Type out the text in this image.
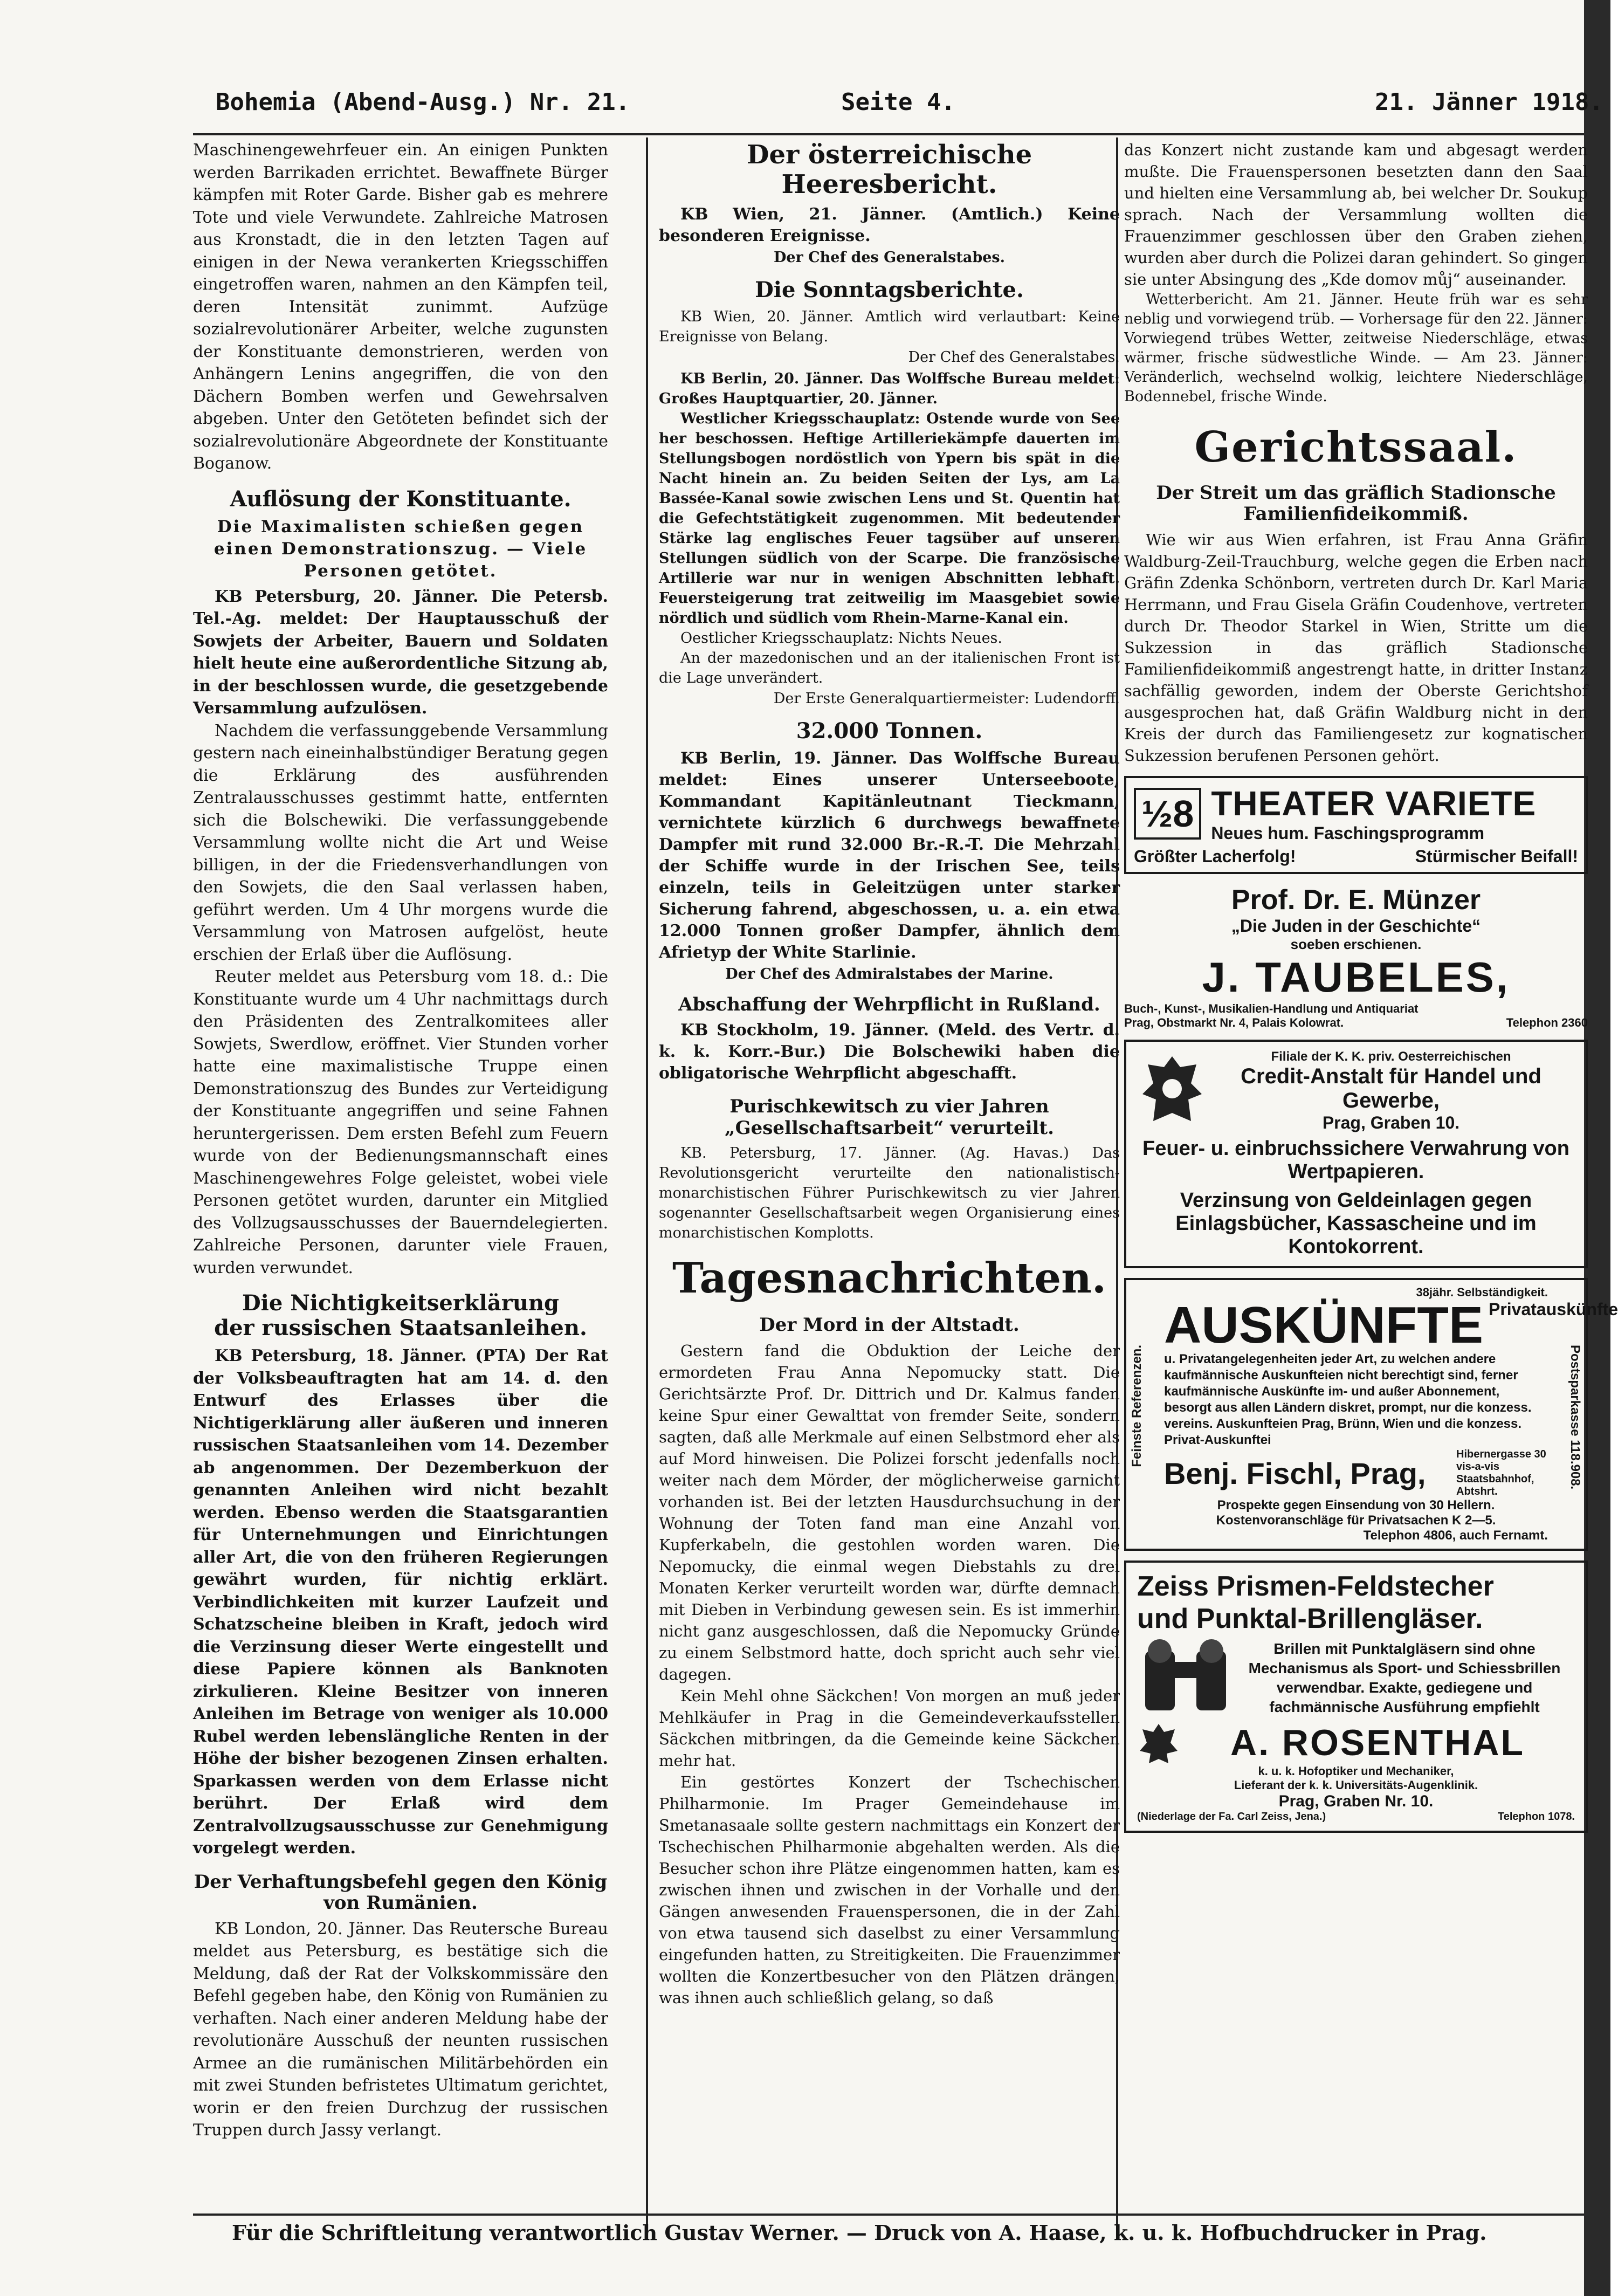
Bohemia (Abend-Ausg.) Nr. 21.	Seite 4.	21. Jänner 1918.

Maschinengewehrfeuer ein. An einigen Punkten werden Barrikaden errichtet. Bewaffnete Bürger kämpfen mit Roter Garde. Bisher gab es mehrere Tote und viele Verwundete. Zahlreiche Matrosen aus Kronstadt, die in den letzten Tagen auf einigen in der Newa verankerten Kriegsschiffen eingetroffen waren, nahmen an den Kämpfen teil, deren Intensität zunimmt. Aufzüge sozialrevolutionärer Arbeiter, welche zugunsten der Konstituante demonstrieren, werden von Anhängern Lenins angegriffen, die von den Dächern Bomben werfen und Gewehrsalven abgeben. Unter den Getöteten befindet sich der sozialrevolutionäre Abgeordnete der Konstituante Boganow.

Auflösung der Konstituante.
Die Maximalisten schießen gegen einen Demonstrationszug. — Viele Personen getötet.

KB Petersburg, 20. Jänner. Die Petersb. Tel.-Ag. meldet: Der Hauptausschuß der Sowjets der Arbeiter, Bauern und Soldaten hielt heute eine außerordentliche Sitzung ab, in der beschlossen wurde, die gesetzgebende Versammlung aufzulösen.

Nachdem die verfassunggebende Versammlung gestern nach eineinhalbstündiger Beratung gegen die Erklärung des ausführenden Zentralausschusses gestimmt hatte, entfernten sich die Bolschewiki. Die verfassunggebende Versammlung wollte nicht die Art und Weise billigen, in der die Friedensverhandlungen von den Sowjets, die den Saal verlassen haben, geführt werden. Um 4 Uhr morgens wurde die Versammlung von Matrosen aufgelöst, heute erschien der Erlaß über die Auflösung.

Reuter meldet aus Petersburg vom 18. d.: Die Konstituante wurde um 4 Uhr nachmittags durch den Präsidenten des Zentralkomitees aller Sowjets, Swerdlow, eröffnet. Vier Stunden vorher hatte eine maximalistische Truppe einen Demonstrationszug des Bundes zur Verteidigung der Konstituante angegriffen und seine Fahnen heruntergerissen. Dem ersten Befehl zum Feuern wurde von der Bedienungsmannschaft eines Maschinengewehres Folge geleistet, wobei viele Personen getötet wurden, darunter ein Mitglied des Vollzugsausschusses der Bauerndelegierten. Zahlreiche Personen, darunter viele Frauen, wurden verwundet.

Die Nichtigkeitserklärung
der russischen Staatsanleihen.

KB Petersburg, 18. Jänner. (PTA) Der Rat der Volksbeauftragten hat am 14. d. den Entwurf des Erlasses über die Nichtigerklärung aller äußeren und inneren russischen Staatsanleihen vom 14. Dezember ab angenommen. Der Dezemberkuon der genannten Anleihen wird nicht bezahlt werden. Ebenso werden die Staatsgarantien für Unternehmungen und Einrichtungen aller Art, die von den früheren Regierungen gewährt wurden, für nichtig erklärt. Verbindlichkeiten mit kurzer Laufzeit und Schatzscheine bleiben in Kraft, jedoch wird die Verzinsung dieser Werte eingestellt und diese Papiere können als Banknoten zirkulieren. Kleine Besitzer von inneren Anleihen im Betrage von weniger als 10.000 Rubel werden lebenslängliche Renten in der Höhe der bisher bezogenen Zinsen erhalten. Sparkassen werden von dem Erlasse nicht berührt. Der Erlaß wird dem Zentralvollzugsausschusse zur Genehmigung vorgelegt werden.

Der Verhaftungsbefehl gegen den König
von Rumänien.

KB London, 20. Jänner. Das Reutersche Bureau meldet aus Petersburg, es bestätige sich die Meldung, daß der Rat der Volkskommissäre den Befehl gegeben habe, den König von Rumänien zu verhaften. Nach einer anderen Meldung habe der revolutionäre Ausschuß der neunten russischen Armee an die rumänischen Militärbehörden ein mit zwei Stunden befristetes Ultimatum gerichtet, worin er den freien Durchzug der russischen Truppen durch Jassy verlangt.

Der österreichische Heeresbericht.

KB Wien, 21. Jänner. (Amtlich.) Keine besonderen Ereignisse.

Der Chef des Generalstabes.
Die Sonntagsberichte.

KB Wien, 20. Jänner. Amtlich wird verlautbart: Keine Ereignisse von Belang.

Der Chef des Generalstabes.

KB Berlin, 20. Jänner. Das Wolffsche Bureau meldet: Großes Hauptquartier, 20. Jänner.

Westlicher Kriegsschauplatz: Ostende wurde von See her beschossen. Heftige Artilleriekämpfe dauerten im Stellungsbogen nordöstlich von Ypern bis spät in die Nacht hinein an. Zu beiden Seiten der Lys, am La Bassée-Kanal sowie zwischen Lens und St. Quentin hat die Gefechtstätigkeit zugenommen. Mit bedeutender Stärke lag englisches Feuer tagsüber auf unseren Stellungen südlich von der Scarpe. Die französische Artillerie war nur in wenigen Abschnitten lebhaft. Feuersteigerung trat zeitweilig im Maasgebiet sowie nördlich und südlich vom Rhein-Marne-Kanal ein.

Oestlicher Kriegsschauplatz: Nichts Neues.

An der mazedonischen und an der italienischen Front ist die Lage unverändert.

Der Erste Generalquartiermeister: Ludendorff.
32.000 Tonnen.

KB Berlin, 19. Jänner. Das Wolffsche Bureau meldet: Eines unserer Unterseeboote, Kommandant Kapitänleutnant Tieckmann, vernichtete kürzlich 6 durchwegs bewaffnete Dampfer mit rund 32.000 Br.-R.-T. Die Mehrzahl der Schiffe wurde in der Irischen See, teils einzeln, teils in Geleitzügen unter starker Sicherung fahrend, abgeschossen, u. a. ein etwa 12.000 Tonnen großer Dampfer, ähnlich dem Afrietyp der White Starlinie.

Der Chef des Admiralstabes der Marine.
Abschaffung der Wehrpflicht in Rußland.

KB Stockholm, 19. Jänner. (Meld. des Vertr. d. k. k. Korr.-Bur.) Die Bolschewiki haben die obligatorische Wehrpflicht abgeschafft.

Purischkewitsch zu vier Jahren
„Gesellschaftsarbeit“ verurteilt.

KB. Petersburg, 17. Jänner. (Ag. Havas.) Das Revolutionsgericht verurteilte den nationalistisch-monarchistischen Führer Purischkewitsch zu vier Jahren sogenannter Gesellschaftsarbeit wegen Organisierung eines monarchistischen Komplotts.

Tagesnachrichten.
Der Mord in der Altstadt.

Gestern fand die Obduktion der Leiche der ermordeten Frau Anna Nepomucky statt. Die Gerichtsärzte Prof. Dr. Dittrich und Dr. Kalmus fanden keine Spur einer Gewalttat von fremder Seite, sondern sagten, daß alle Merkmale auf einen Selbstmord eher als auf Mord hinweisen. Die Polizei forscht jedenfalls noch weiter nach dem Mörder, der möglicherweise garnicht vorhanden ist. Bei der letzten Hausdurchsuchung in der Wohnung der Toten fand man eine Anzahl von Kupferkabeln, die gestohlen worden waren. Die Nepomucky, die einmal wegen Diebstahls zu drei Monaten Kerker verurteilt worden war, dürfte demnach mit Dieben in Verbindung gewesen sein. Es ist immerhin nicht ganz ausgeschlossen, daß die Nepomucky Gründe zu einem Selbstmord hatte, doch spricht auch sehr viel dagegen.

Kein Mehl ohne Säckchen! Von morgen an muß jeder Mehlkäufer in Prag in die Gemeindeverkaufsstellen Säckchen mitbringen, da die Gemeinde keine Säckchen mehr hat.

Ein gestörtes Konzert der Tschechischen Philharmonie. Im Prager Gemeindehause im Smetanasaale sollte gestern nachmittags ein Konzert der Tschechischen Philharmonie abgehalten werden. Als die Besucher schon ihre Plätze eingenommen hatten, kam es zwischen ihnen und zwischen in der Vorhalle und den Gängen anwesenden Frauenspersonen, die in der Zahl von etwa tausend sich daselbst zu einer Versammlung eingefunden hatten, zu Streitigkeiten. Die Frauenzimmer wollten die Konzertbesucher von den Plätzen drängen, was ihnen auch schließlich gelang, so daß

das Konzert nicht zustande kam und abgesagt werden mußte. Die Frauenspersonen besetzten dann den Saal und hielten eine Versammlung ab, bei welcher Dr. Soukup sprach. Nach der Versammlung wollten die Frauenzimmer geschlossen über den Graben ziehen, wurden aber durch die Polizei daran gehindert. So gingen sie unter Absingung des „Kde domov můj“ auseinander.

Wetterbericht. Am 21. Jänner. Heute früh war es sehr neblig und vorwiegend trüb. — Vorhersage für den 22. Jänner: Vorwiegend trübes Wetter, zeitweise Niederschläge, etwas wärmer, frische südwestliche Winde. — Am 23. Jänner: Veränderlich, wechselnd wolkig, leichtere Niederschläge, Bodennebel, frische Winde.

Gerichtssaal.
Der Streit um das gräflich Stadionsche
Familienfideikommiß.

Wie wir aus Wien erfahren, ist Frau Anna Gräfin Waldburg-Zeil-Trauchburg, welche gegen die Erben nach Gräfin Zdenka Schönborn, vertreten durch Dr. Karl Maria Herrmann, und Frau Gisela Gräfin Coudenhove, vertreten durch Dr. Theodor Starkel in Wien, Stritte um die Sukzession in das gräflich Stadionsche Familienfideikommiß angestrengt hatte, in dritter Instanz sachfällig geworden, indem der Oberste Gerichtshof ausgesprochen hat, daß Gräfin Waldburg nicht in den Kreis der durch das Familiengesetz zur kognatischen Sukzession berufenen Personen gehört.

½8 THEATER VARIETE
Neues hum. Faschingsprogramm
Größter Lacherfolg!	Stürmischer Beifall!
Prof. Dr. E. Münzer
„Die Juden in der Geschichte“
soeben erschienen.
J. TAUBELES,
Buch-, Kunst-, Musikalien-Handlung und Antiquariat
Prag, Obstmarkt Nr. 4, Palais Kolowrat.	Telephon 2360
Filiale der K. K. priv. Oesterreichischen
Credit-Anstalt für Handel und Gewerbe,
Prag, Graben 10.
Feuer- u. einbruchssichere Verwahrung von Wertpapieren.
Verzinsung von Geldeinlagen gegen Einlagsbücher, Kassascheine und im Kontokorrent.
Feinste Referenzen.	Postsparkasse 118.908.
38jähr. Selbständigkeit.
AUSKÜNFTE Privatauskünfte
u. Privatangelegenheiten jeder Art, zu welchen andere kaufmännische Auskunfteien nicht berechtigt sind, ferner kaufmännische Auskünfte im- und außer Abonnement, besorgt aus allen Ländern diskret, prompt, nur die konzess. vereins. Auskunfteien Prag, Brünn, Wien und die konzess. Privat-Auskunftei
Benj. Fischl, Prag,
Hibernergasse 30 vis-a-vis Staatsbahnhof, Abtshrt.
Prospekte gegen Einsendung von 30 Hellern.
Kostenvoranschläge für Privatsachen K 2—5.
Telephon 4806, auch Fernamt.
Zeiss Prismen-Feldstecher
und Punktal-Brillengläser.
Brillen mit Punktalgläsern sind ohne Mechanismus als Sport- und Schiessbrillen verwendbar. Exakte, gediegene und fachmännische Ausführung empfiehlt
A. ROSENTHAL
k. u. k. Hofoptiker und Mechaniker,
Lieferant der k. k. Universitäts-Augenklinik.
Prag, Graben Nr. 10.
(Niederlage der Fa. Carl Zeiss, Jena.)	Telephon 1078.
Für die Schriftleitung verantwortlich Gustav Werner. — Druck von A. Haase, k. u. k. Hofbuchdrucker in Prag.
